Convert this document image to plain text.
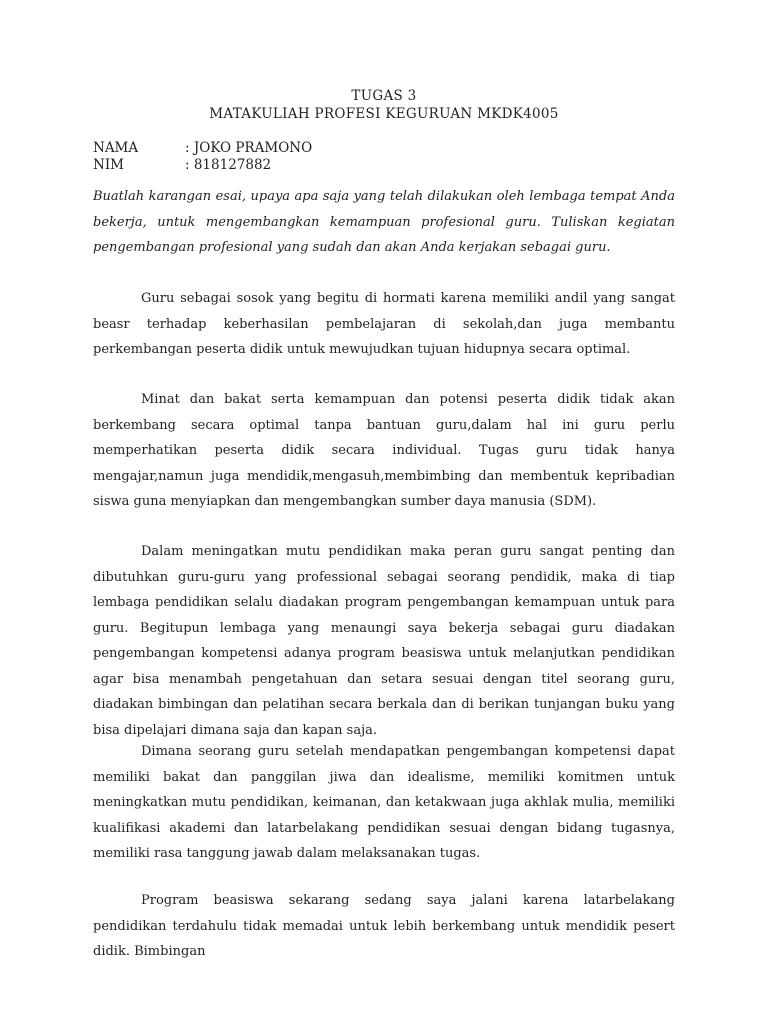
TUGAS 3
MATAKULIAH PROFESI KEGURUAN MKDK4005
NAMA	: JOKO PRAMONO
NIM	: 818127882
Buatlah karangan esai, upaya apa saja yang telah dilakukan oleh lembaga tempat Anda bekerja, untuk mengembangkan kemampuan profesional guru. Tuliskan kegiatan pengembangan profesional yang sudah dan akan Anda kerjakan sebagai guru.
Guru sebagai sosok yang begitu di hormati karena memiliki andil yang sangat beasr terhadap keberhasilan pembelajaran di sekolah,dan juga membantu perkembangan peserta didik untuk mewujudkan tujuan hidupnya secara optimal.
Minat dan bakat serta kemampuan dan potensi peserta didik tidak akan berkembang secara optimal tanpa bantuan guru,dalam hal ini guru perlu memperhatikan peserta didik secara individual. Tugas guru tidak hanya mengajar,namun juga mendidik,mengasuh,membimbing dan membentuk kepribadian siswa guna menyiapkan dan mengembangkan sumber daya manusia (SDM).
Dalam meningatkan mutu pendidikan maka peran guru sangat penting dan dibutuhkan guru-guru yang professional sebagai seorang pendidik, maka di tiap lembaga pendidikan selalu diadakan program pengembangan kemampuan untuk para guru. Begitupun lembaga yang menaungi saya bekerja sebagai guru diadakan pengembangan kompetensi adanya program beasiswa untuk melanjutkan pendidikan agar bisa menambah pengetahuan dan setara sesuai dengan titel seorang guru, diadakan bimbingan dan pelatihan secara berkala dan di berikan tunjangan buku yang bisa dipelajari dimana saja dan kapan saja.
Dimana seorang guru setelah mendapatkan pengembangan kompetensi dapat memiliki bakat dan panggilan jiwa dan idealisme, memiliki komitmen untuk meningkatkan mutu pendidikan, keimanan, dan ketakwaan juga akhlak mulia, memiliki kualifikasi akademi dan latarbelakang pendidikan sesuai dengan bidang tugasnya, memiliki rasa tanggung jawab dalam melaksanakan tugas.
Program beasiswa sekarang sedang saya jalani karena latarbelakang pendidikan terdahulu tidak memadai untuk lebih berkembang untuk mendidik pesert didik. Bimbingan
